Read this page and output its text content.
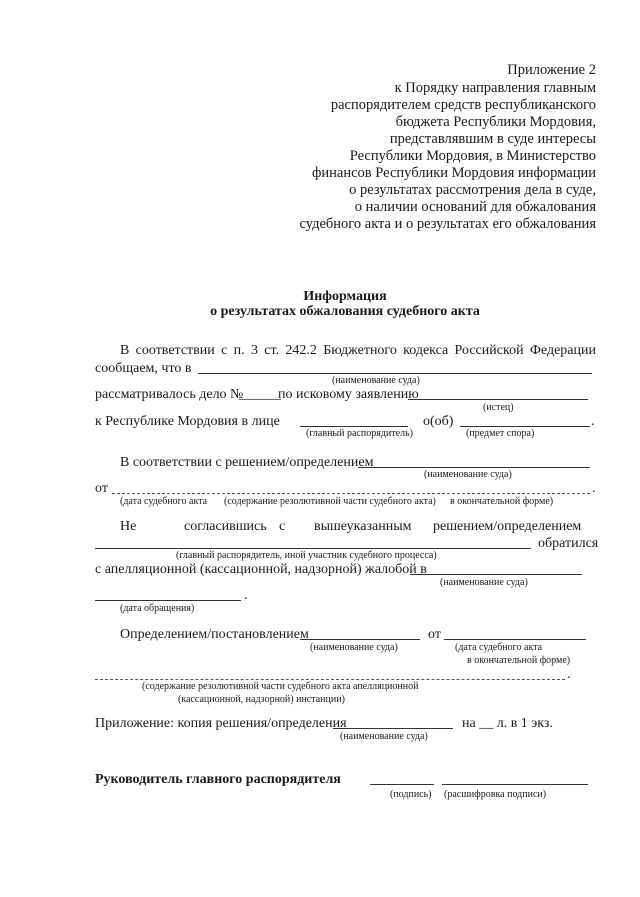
Приложение 2
к Порядку направления главным
распорядителем средств республиканского
бюджета Республики Мордовия,
представлявшим в суде интересы
Республики Мордовия, в Министерство
финансов Республики Мордовия информации
о результатах рассмотрения дела в суде,
о наличии оснований для обжалования
судебного акта и о результатах его обжалования
Информация
о результатах обжалования судебного акта
В соответствии с п. 3 ст. 242.2 Бюджетного кодекса Российской Федерации
сообщаем, что в
(наименование суда)
рассматривалось дело №
______
по исковому заявлению
(истец)
к Республике Мордовия в лице	о(об)	.
(главный распорядитель)	(предмет спора)
В соответствии с решением/определением
(наименование суда)
от	.
(дата судебного акта (содержание резолютивной части судебного акта) в окончательной форме)
Не	согласившись с вышеуказанным решением/определением
обратился
(главный распорядитель, иной участник судебного процесса)
с апелляционной (кассационной, надзорной) жалобой в
(наименование суда)
.
(дата обращения)
Определением/постановлением	от
(наименование суда)	(дата судебного акта
в окончательной форме)
.
(содержание резолютивной части судебного акта апелляционной
(кассационной, надзорной) инстанции)
Приложение: копия решения/определения	на __ л. в 1 экз.
(наименование суда)
Руководитель главного распорядителя
(подпись) (расшифровка подписи)
